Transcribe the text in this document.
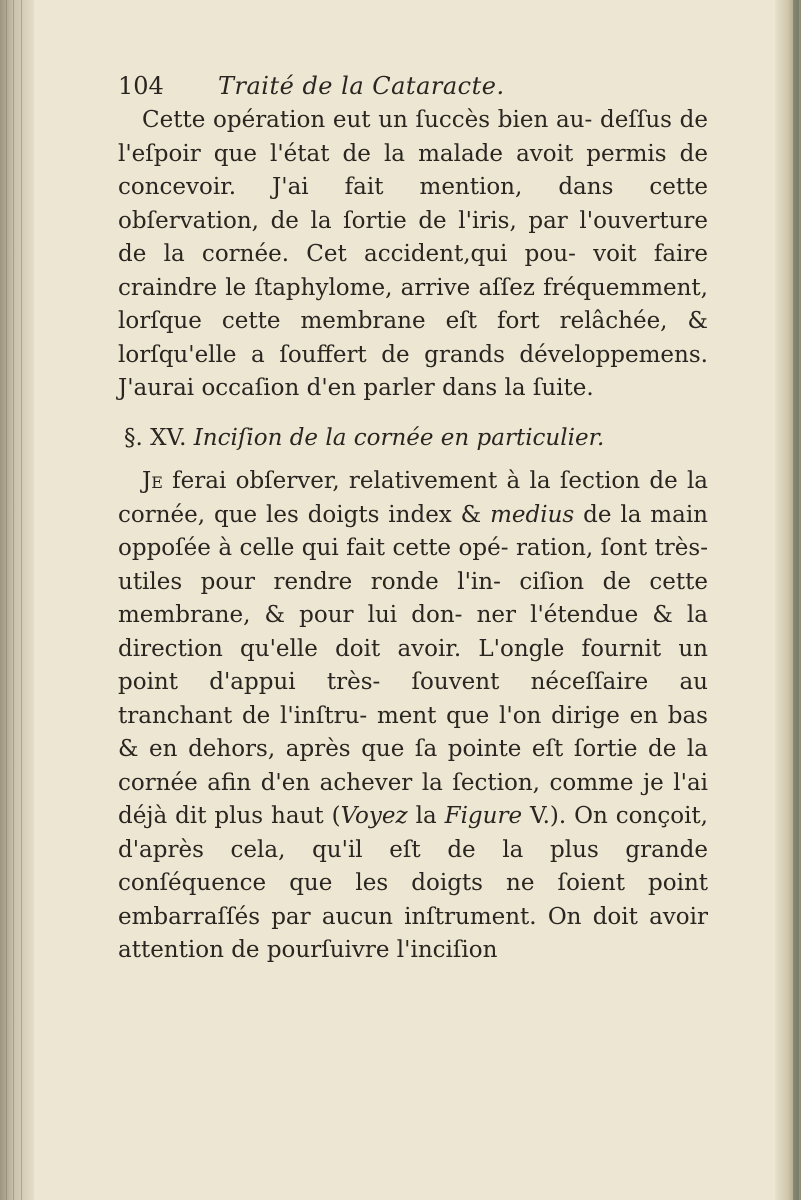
104 Traité de la Cataracte.

Cette opération eut un ſuccès bien au- deſſus de l'eſpoir que l'état de la malade avoit permis de concevoir. J'ai fait mention, dans cette obſervation, de la ſortie de l'iris, par l'ouverture de la cornée. Cet accident,qui pou- voit faire craindre le ſtaphylome, arrive aſſez fréquemment, lorſque cette membrane eſt fort relâchée, & lorſqu'elle a ſouffert de grands développemens. J'aurai occaſion d'en parler dans la ſuite.

§. XV. Inciſion de la cornée en particulier.

Je ferai obſerver, relativement à la ſection de la cornée, que les doigts index & medius de la main oppoſée à celle qui fait cette opé- ration, ſont très-utiles pour rendre ronde l'in- ciſion de cette membrane, & pour lui don- ner l'étendue & la direction qu'elle doit avoir. L'ongle fournit un point d'appui très- ſouvent néceſſaire au tranchant de l'inſtru- ment que l'on dirige en bas & en dehors, après que ſa pointe eſt ſortie de la cornée afin d'en achever la ſection, comme je l'ai déjà dit plus haut (Voyez la Figure V.). On conçoit, d'après cela, qu'il eſt de la plus grande conſéquence que les doigts ne ſoient point embarraſſés par aucun inſtrument. On doit avoir attention de pourſuivre l'inciſion
